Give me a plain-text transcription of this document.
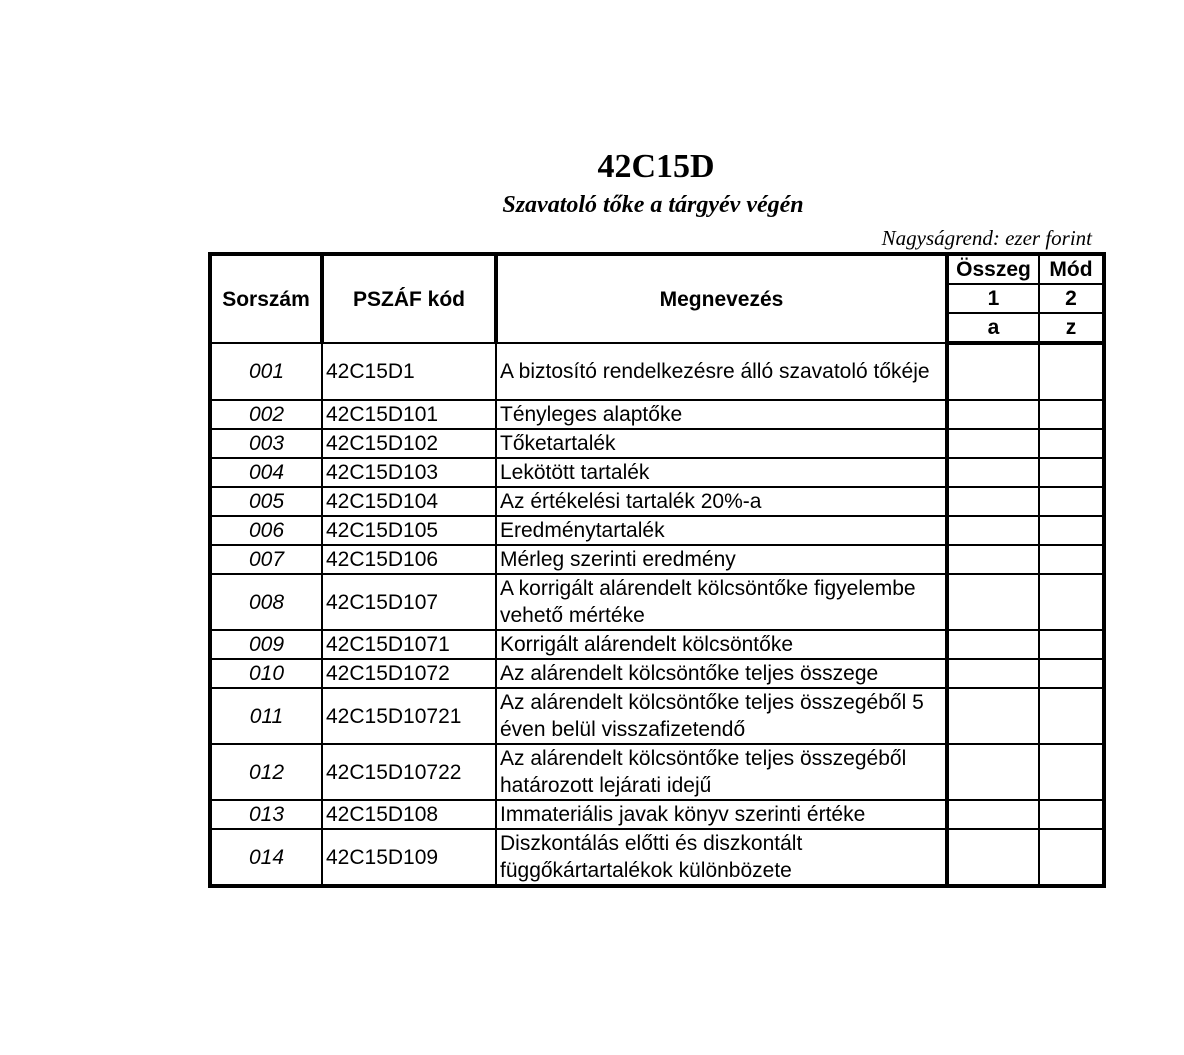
42C15D
Szavatoló tőke a tárgyév végén

Nagyságrend: ezer forint

Sorszám	PSZÁF kód	Megnevezés	Összeg	Mód
			1	2
			a	z
001	42C15D1	A biztosító rendelkezésre álló szavatoló tőkéje		
002	42C15D101	Tényleges alaptőke		
003	42C15D102	Tőketartalék		
004	42C15D103	Lekötött tartalék		
005	42C15D104	Az értékelési tartalék 20%-a		
006	42C15D105	Eredménytartalék		
007	42C15D106	Mérleg szerinti eredmény		
008	42C15D107	A korrigált alárendelt kölcsöntőke figyelembe vehető mértéke		
009	42C15D1071	Korrigált alárendelt kölcsöntőke		
010	42C15D1072	Az alárendelt kölcsöntőke teljes összege		
011	42C15D10721	Az alárendelt kölcsöntőke teljes összegéből 5 éven belül visszafizetendő		
012	42C15D10722	Az alárendelt kölcsöntőke teljes összegéből határozott lejárati idejű		
013	42C15D108	Immateriális javak könyv szerinti értéke		
014	42C15D109	Diszkontálás előtti és diszkontált függőkártartalékok különbözete		
